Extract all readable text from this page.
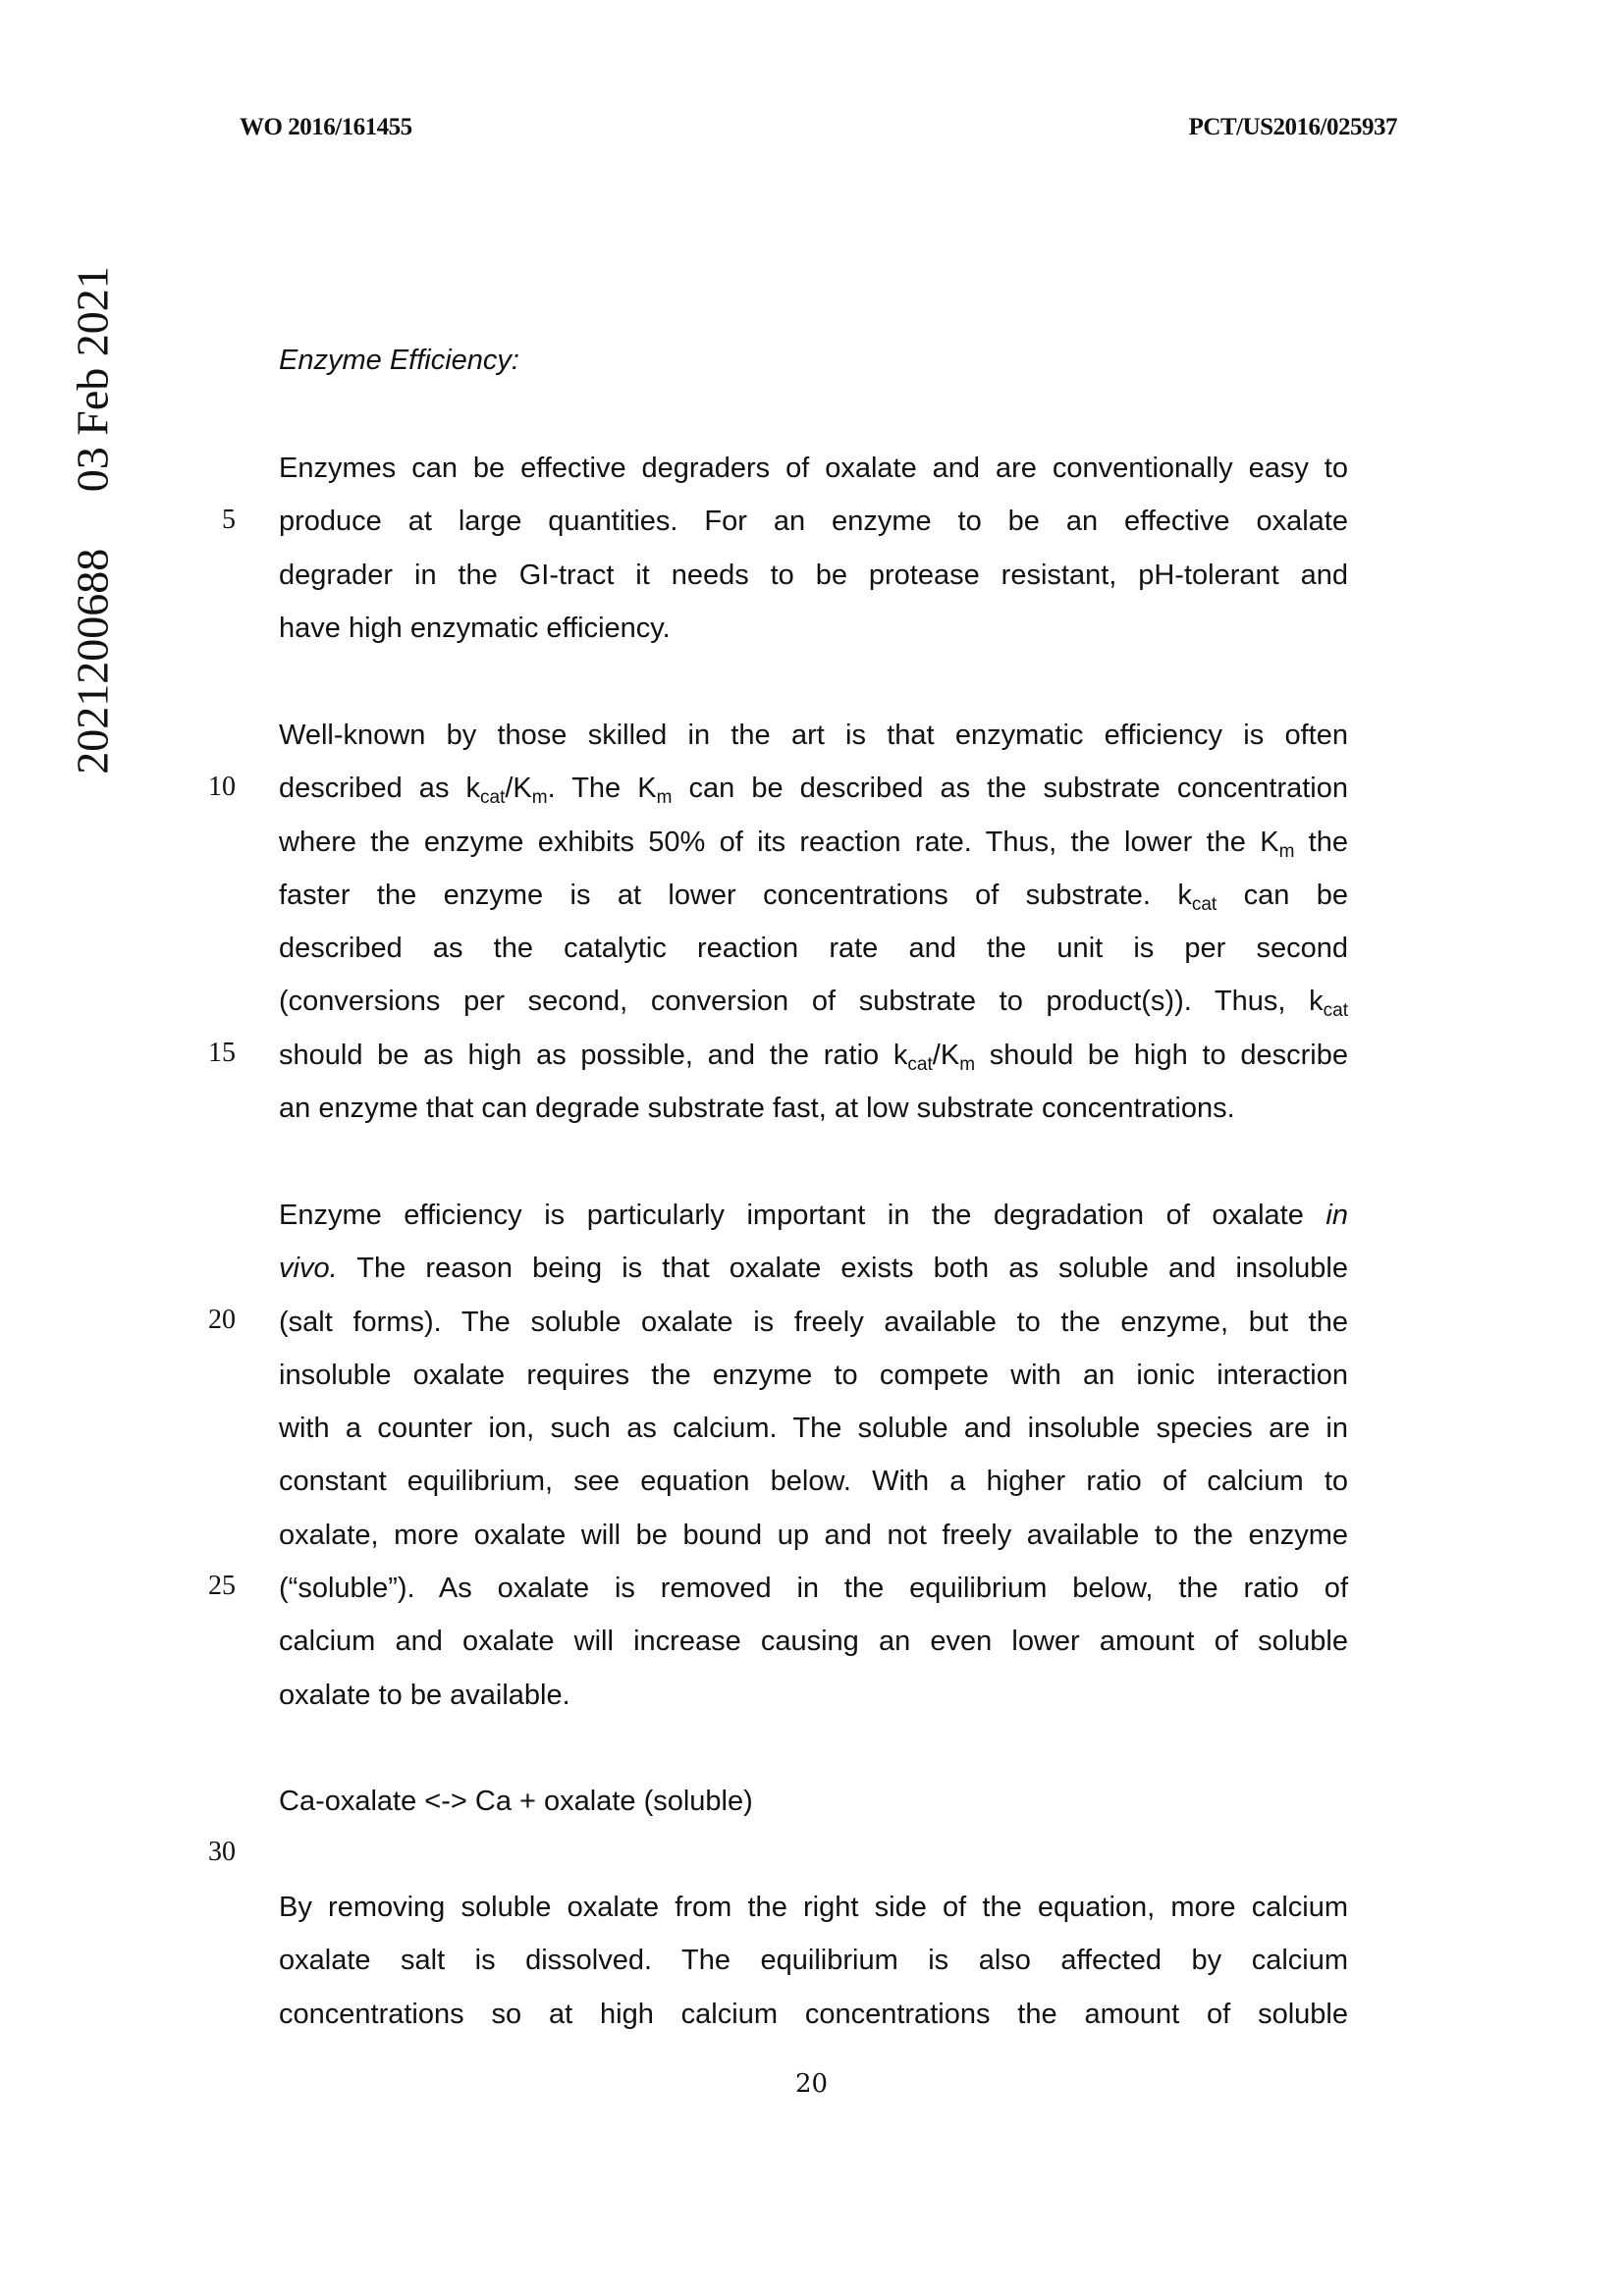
WO 2016/161455	PCT/US2016/025937
2021200688     03 Feb 2021	Enzyme Efficiency:
Enzymes can be effective degraders of oxalate and are conventionally easy to
produce at large quantities. For an enzyme to be an effective oxalate
degrader in the GI-tract it needs to be protease resistant, pH-tolerant and
have high enzymatic efficiency.
Well-known by those skilled in the art is that enzymatic efficiency is often
described as $k_{cat}/K_m$. The $K_m$ can be described as the substrate concentration
where the enzyme exhibits 50% of its reaction rate. Thus, the lower the $K_m$ the
faster the enzyme is at lower concentrations of substrate. $k_{cat}$ can be
described as the catalytic reaction rate and the unit is per second
(conversions per second, conversion of substrate to product(s)). Thus, $k_{cat}$
should be as high as possible, and the ratio $k_{cat}/K_m$ should be high to describe
an enzyme that can degrade substrate fast, at low substrate concentrations.
Enzyme efficiency is particularly important in the degradation of oxalate in
vivo. The reason being is that oxalate exists both as soluble and insoluble
(salt forms). The soluble oxalate is freely available to the enzyme, but the
insoluble oxalate requires the enzyme to compete with an ionic interaction
with a counter ion, such as calcium. The soluble and insoluble species are in
constant equilibrium, see equation below. With a higher ratio of calcium to
oxalate, more oxalate will be bound up and not freely available to the enzyme
(“soluble”). As oxalate is removed in the equilibrium below, the ratio of
calcium and oxalate will increase causing an even lower amount of soluble
oxalate to be available.
Ca-oxalate <-> Ca + oxalate (soluble)
By removing soluble oxalate from the right side of the equation, more calcium
oxalate salt is dissolved. The equilibrium is also affected by calcium
concentrations so at high calcium concentrations the amount of soluble
5
10
15
20
25
30
20
